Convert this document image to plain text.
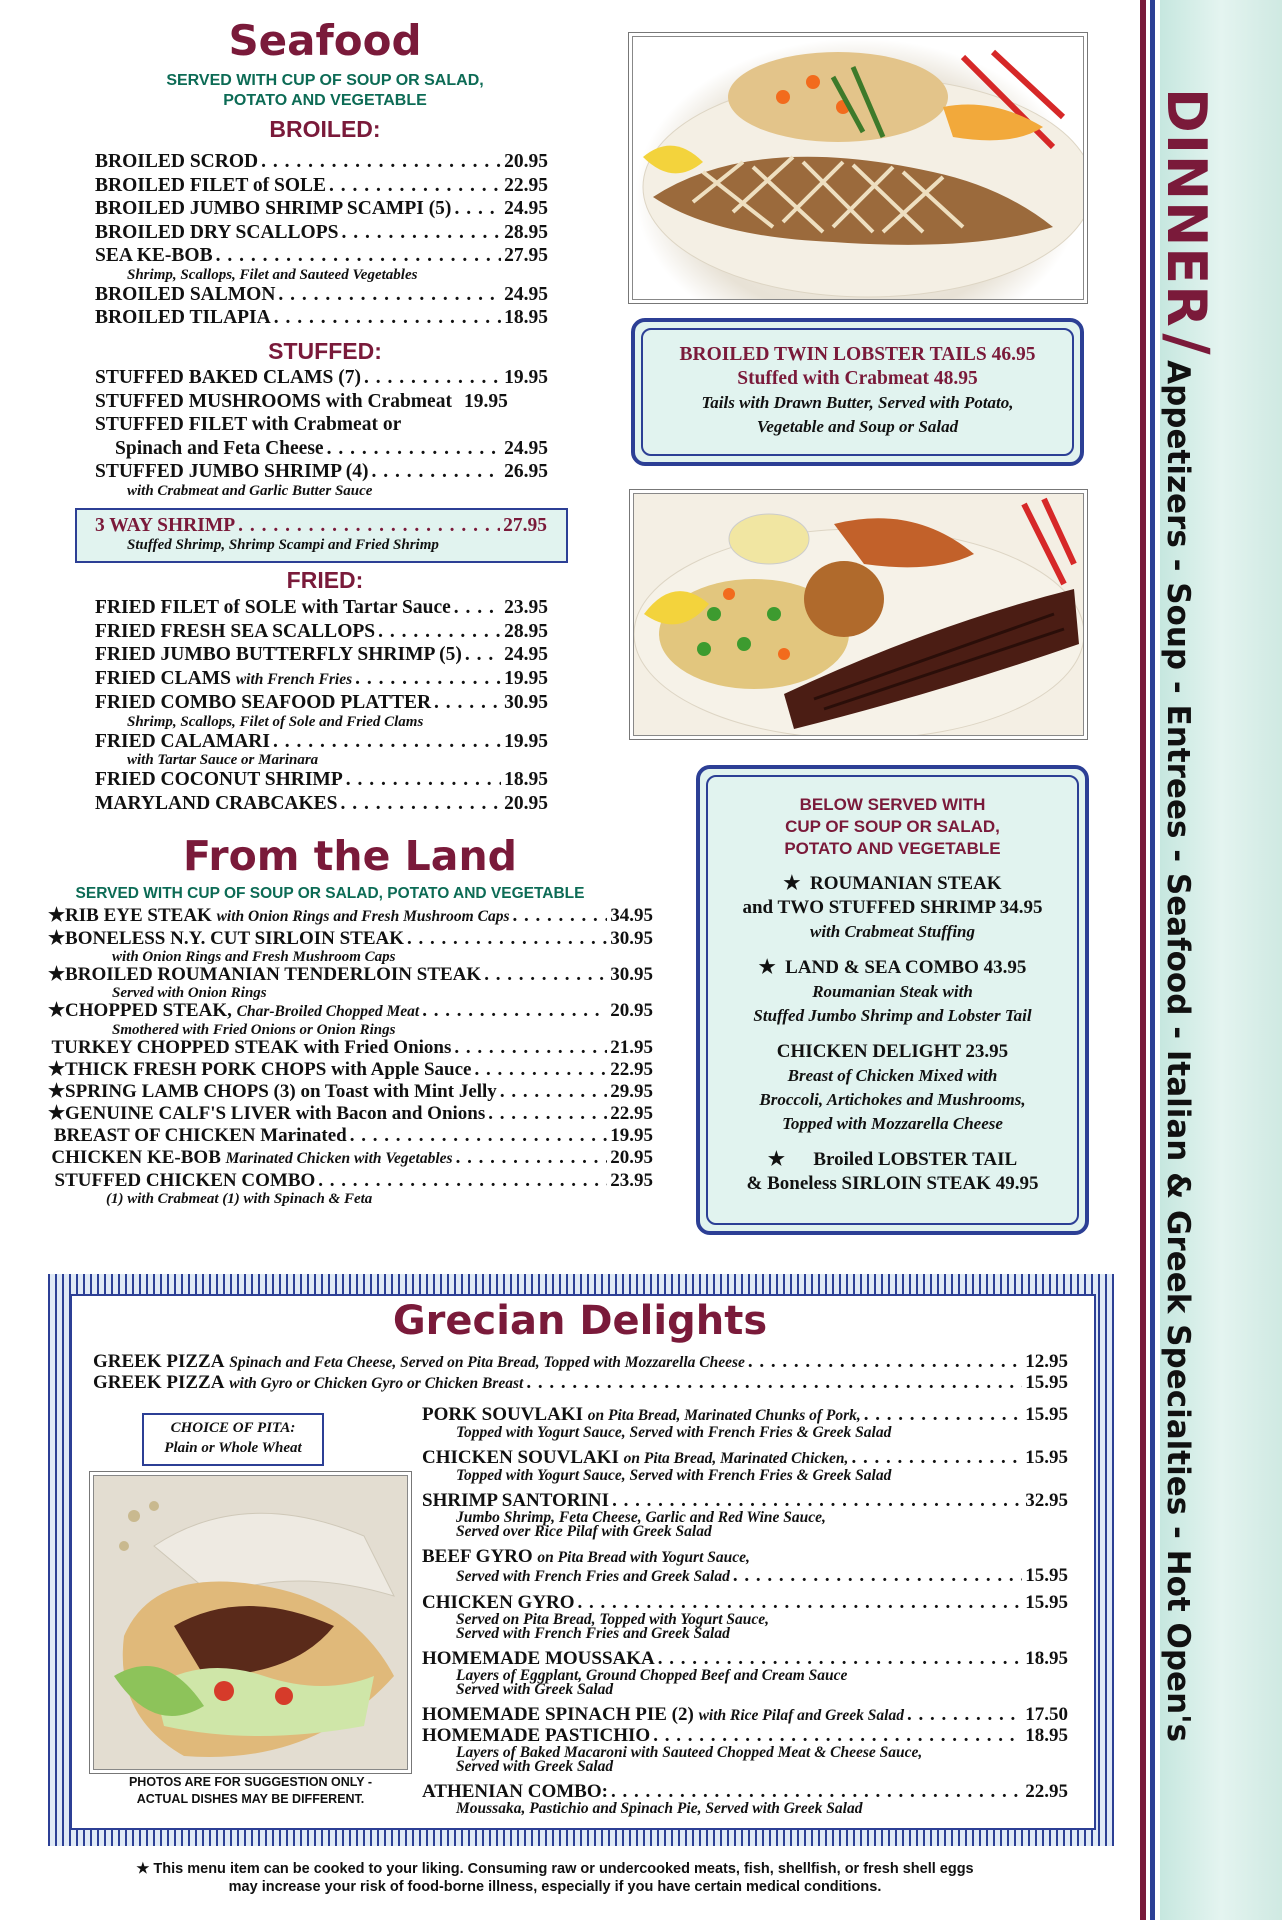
DINNER / Appetizers - Soup - Entrees - Seafood - Italian & Greek Specialties - Hot Open's
Seafood
SERVED WITH CUP OF SOUP OR SALAD,
POTATO AND VEGETABLE
BROILED:
BROILED SCROD . . .	20.95
BROILED FILET of SOLE . . .	22.95
BROILED JUMBO SHRIMP SCAMPI (5) . . .	24.95
BROILED DRY SCALLOPS . . .	28.95
SEA KE-BOB . . .	27.95
Shrimp, Scallops, Filet and Sauteed Vegetables
BROILED SALMON . . .	24.95
BROILED TILAPIA . . .	18.95
STUFFED:
STUFFED BAKED CLAMS (7) . . .	19.95
STUFFED MUSHROOMS with Crabmeat 19.95
STUFFED FILET with Crabmeat or
Spinach and Feta Cheese . . .	24.95
STUFFED JUMBO SHRIMP (4) . . .	26.95
with Crabmeat and Garlic Butter Sauce
3 WAY SHRIMP . . .	27.95
Stuffed Shrimp, Shrimp Scampi and Fried Shrimp
FRIED:
FRIED FILET of SOLE with Tartar Sauce . . .	23.95
FRIED FRESH SEA SCALLOPS . . .	28.95
FRIED JUMBO BUTTERFLY SHRIMP (5) . . . 24.95
FRIED CLAMS
with French Fries . . .	19.95
FRIED COMBO SEAFOOD PLATTER . . .	30.95
Shrimp, Scallops, Filet of Sole and Fried Clams
FRIED CALAMARI . . .	19.95
with Tartar Sauce or Marinara
FRIED COCONUT SHRIMP . . .	18.95
MARYLAND CRABCAKES . . .	20.95
BROILED TWIN LOBSTER TAILS 46.95
Stuffed with Crabmeat 48.95
Tails with Drawn Butter, Served with Potato,
Vegetable and Soup or Salad
BELOW SERVED WITH
CUP OF SOUP OR SALAD,
POTATO AND VEGETABLE
★ ROUMANIAN STEAK
and TWO STUFFED SHRIMP 34.95
with Crabmeat Stuffing
★ LAND & SEA COMBO 43.95
Roumanian Steak with
Stuffed Jumbo Shrimp and Lobster Tail
CHICKEN DELIGHT 23.95
Breast of Chicken Mixed with
Broccoli, Artichokes and Mushrooms,
Topped with Mozzarella Cheese
★ Broiled LOBSTER TAIL
& Boneless SIRLOIN STEAK 49.95
From the Land
SERVED WITH CUP OF SOUP OR SALAD, POTATO AND VEGETABLE
★ RIB EYE STEAK
with Onion Rings and Fresh Mushroom Caps . . .	34.95
★ BONELESS N.Y. CUT SIRLOIN STEAK . . .	30.95
with Onion Rings and Fresh Mushroom Caps
★ BROILED ROUMANIAN TENDERLOIN STEAK . . .	30.95
Served with Onion Rings
★ CHOPPED STEAK,
Char-Broiled Chopped Meat . . .	20.95
Smothered with Fried Onions or Onion Rings
TURKEY CHOPPED STEAK with Fried Onions . . .	21.95
★ THICK FRESH PORK CHOPS with Apple Sauce . . .	22.95
★ SPRING LAMB CHOPS (3) on Toast with Mint Jelly . . .	29.95
★ GENUINE CALF'S LIVER with Bacon and Onions . . .	22.95
BREAST OF CHICKEN Marinated . . .	19.95
CHICKEN KE-BOB
Marinated Chicken with Vegetables . . .	20.95
STUFFED CHICKEN COMBO . . .	23.95
(1) with Crabmeat (1) with Spinach & Feta
Grecian Delights
GREEK PIZZA
Spinach and Feta Cheese, Served on Pita Bread, Topped with Mozzarella Cheese . . .	12.95
GREEK PIZZA
with Gyro or Chicken Gyro or Chicken Breast . . .	15.95
CHOICE OF PITA:
Plain or Whole Wheat
PHOTOS ARE FOR SUGGESTION ONLY -
ACTUAL DISHES MAY BE DIFFERENT.
PORK SOUVLAKI
on Pita Bread, Marinated Chunks of Pork, . . .	15.95
Topped with Yogurt Sauce, Served with French Fries & Greek Salad
CHICKEN SOUVLAKI
on Pita Bread, Marinated Chicken, . . .	15.95
Topped with Yogurt Sauce, Served with French Fries & Greek Salad
SHRIMP SANTORINI . . .	32.95
Jumbo Shrimp, Feta Cheese, Garlic and Red Wine Sauce,
Served over Rice Pilaf with Greek Salad
BEEF GYRO
on Pita Bread with Yogurt Sauce,
Served with French Fries and Greek Salad . . .	15.95
CHICKEN GYRO . . .	15.95
Served on Pita Bread, Topped with Yogurt Sauce,
Served with French Fries and Greek Salad
HOMEMADE MOUSSAKA . . .	18.95
Layers of Eggplant, Ground Chopped Beef and Cream Sauce
Served with Greek Salad
HOMEMADE SPINACH PIE (2)
with Rice Pilaf and Greek Salad . . .	17.50
HOMEMADE PASTICHIO . . .	18.95
Layers of Baked Macaroni with Sauteed Chopped Meat & Cheese Sauce,
Served with Greek Salad
ATHENIAN COMBO: . . .	22.95
Moussaka, Pastichio and Spinach Pie, Served with Greek Salad
★ This menu item can be cooked to your liking. Consuming raw or undercooked meats, fish, shellfish, or fresh shell eggs
may increase your risk of food-borne illness, especially if you have certain medical conditions.
